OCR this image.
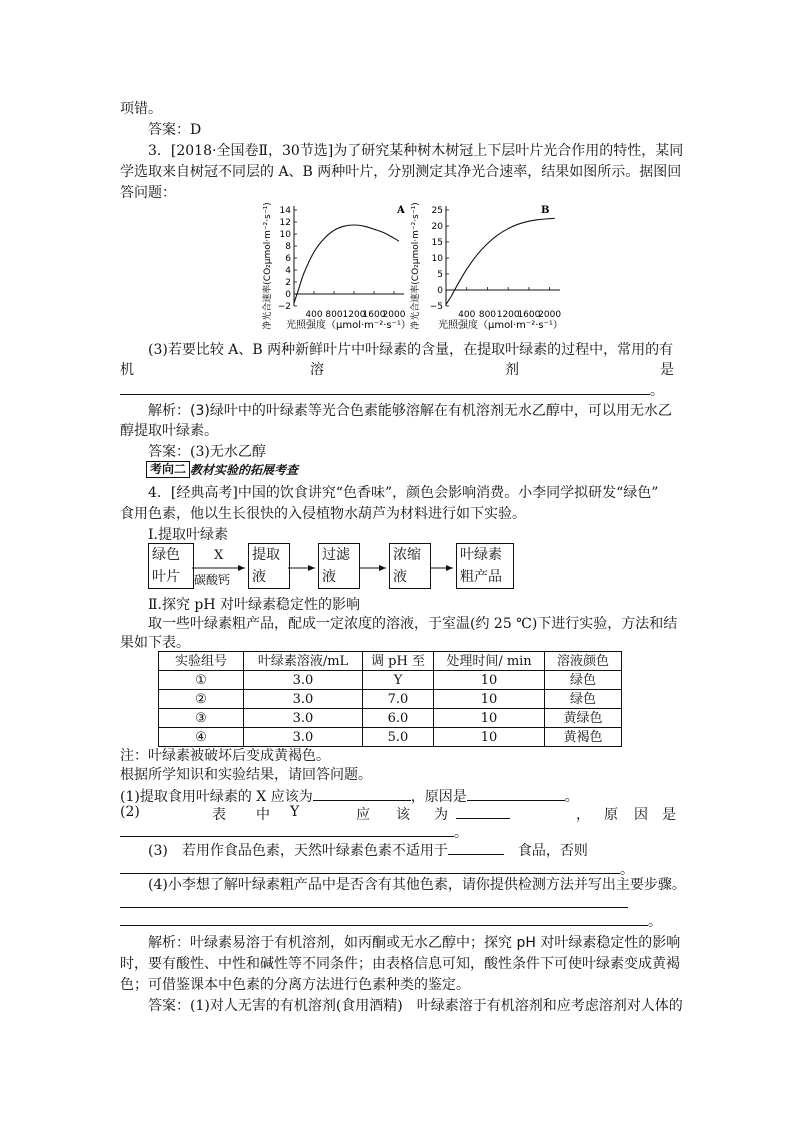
项错。
答案：D
3．[2018·全国卷Ⅱ，30节选]为了研究某种树木树冠上下层叶片光合作用的特性，某同
学选取来自树冠不同层的 A、B 两种叶片，分别测定其净光合速率，结果如图所示。据图回
答问题：
净光合速率(CO₂μmol·m⁻²·s⁻¹) 14
12
10
8
6
4
2
0
−2
400 800 1200
1600
2000
A
光照强度（μmol·m⁻²·s⁻¹） 净光合速率(CO₂μmol·m⁻²·s⁻¹) 25
20
15
10
5
0
−5
400 800 1200
1600
2000
B
光照强度（μmol·m⁻²·s⁻¹）
(3)若要比较 A、B 两种新鲜叶片中叶绿素的含量，在提取叶绿素的过程中，常用的有
机	溶	剂	是
。
解析：(3)绿叶中的叶绿素等光合色素能够溶解在有机溶剂无水乙醇中，可以用无水乙
醇提取叶绿素。
答案：(3)无水乙醇
考向二 教材实验的拓展考查
4．[经典高考]中国的饮食讲究“色香味”，颜色会影响消费。小李同学拟研发“绿色”
食用色素，他以生长很快的入侵植物水葫芦为材料进行如下实验。
Ⅰ.提取叶绿素
绿色
叶片
X
碳酸钙
提取
液
过滤
液
浓缩
液
叶绿素
粗产品
Ⅱ.探究 pH 对叶绿素稳定性的影响
取一些叶绿素粗产品，配成一定浓度的溶液，于室温(约 25 ℃)下进行实验，方法和结
果如下表。
实验组号	叶绿素溶液/mL	调 pH 至	处理时间/ min	溶液颜色
①	3.0	Y	10	绿色
②	3.0	7.0	10	绿色
③	3.0	6.0	10	黄绿色
④	3.0	5.0	10	黄褐色
注：叶绿素被破坏后变成黄褐色。
根据所学知识和实验结果，请回答问题。
(1)提取食用叶绿素的 X 应该为	，原因是	。
(2)	表 中 Y	应 该 为	， 原 因 是
。
(3)　若用作食品色素，天然叶绿素色素不适用于	食品，否则
。
(4)小李想了解叶绿素粗产品中是否含有其他色素，请你提供检测方法并写出主要步骤。
。
解析：叶绿素易溶于有机溶剂，如丙酮或无水乙醇中；探究 pH 对叶绿素稳定性的影响
时，要有酸性、中性和碱性等不同条件；由表格信息可知，酸性条件下可使叶绿素变成黄褐
色；可借鉴课本中色素的分离方法进行色素种类的鉴定。
答案：(1)对人无害的有机溶剂(食用酒精)　叶绿素溶于有机溶剂和应考虑溶剂对人体的
